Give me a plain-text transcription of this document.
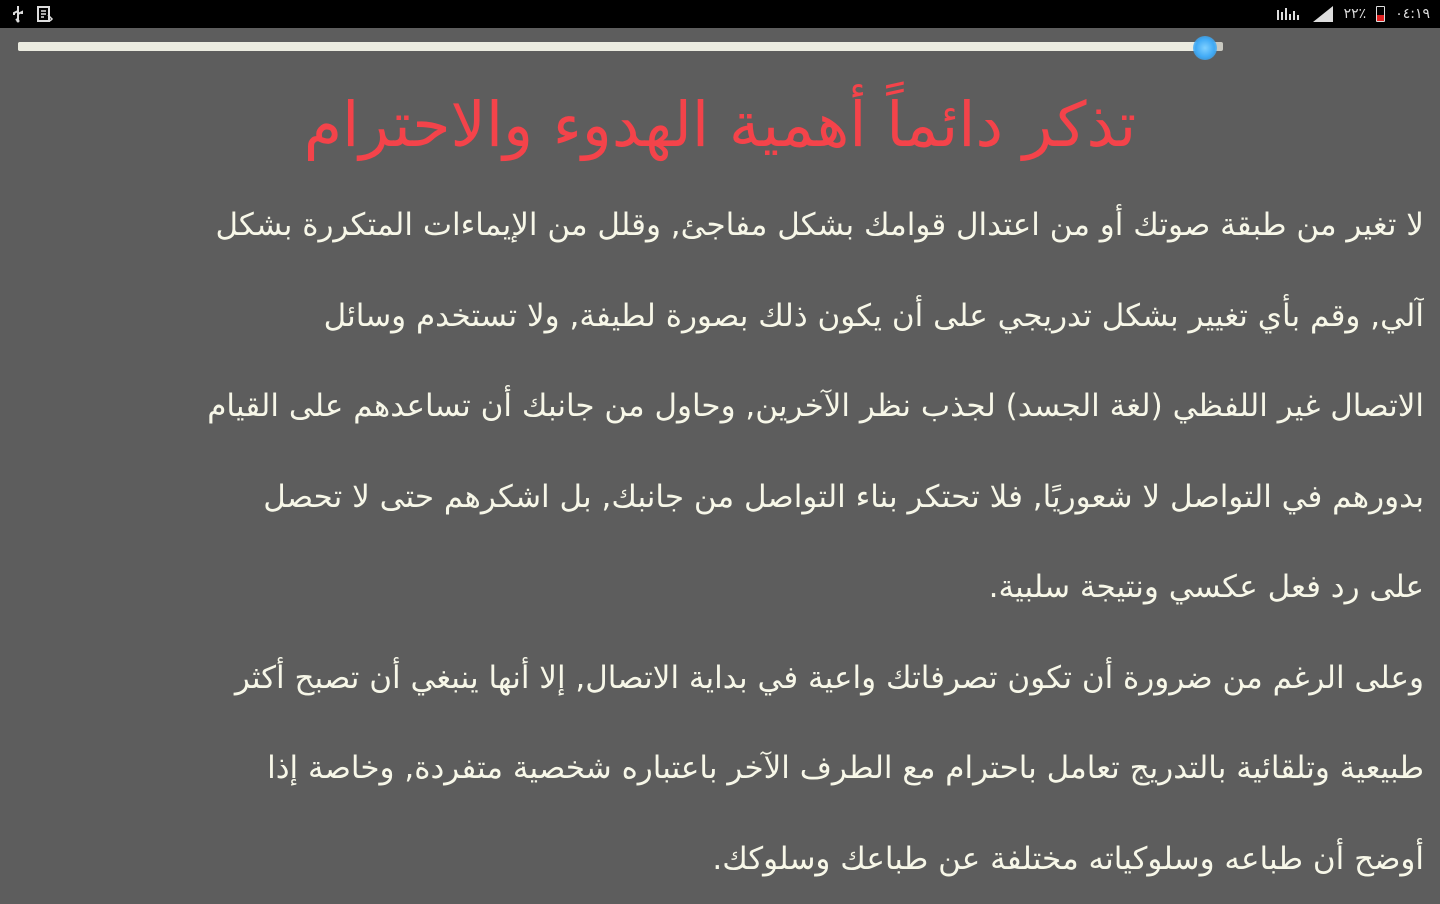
٢٢٪ ٠٤:١٩
تذكر دائماً أهمية الهدوء والاحترام
لا تغير من طبقة صوتك أو من اعتدال قوامك بشكل مفاجئ, وقلل من الإيماءات المتكررة بشكل
آلي, وقم بأي تغيير بشكل تدريجي على أن يكون ذلك بصورة لطيفة, ولا تستخدم وسائل
الاتصال غير اللفظي (لغة الجسد) لجذب نظر الآخرين, وحاول من جانبك أن تساعدهم على القيام
بدورهم في التواصل لا شعوريًا, فلا تحتكر بناء التواصل من جانبك, بل اشكرهم حتى لا تحصل
على رد فعل عكسي ونتيجة سلبية.
وعلى الرغم من ضرورة أن تكون تصرفاتك واعية في بداية الاتصال, إلا أنها ينبغي أن تصبح أكثر
طبيعية وتلقائية بالتدريج تعامل باحترام مع الطرف الآخر باعتباره شخصية متفردة, وخاصة إذا
أوضح أن طباعه وسلوكياته مختلفة عن طباعك وسلوكك.
